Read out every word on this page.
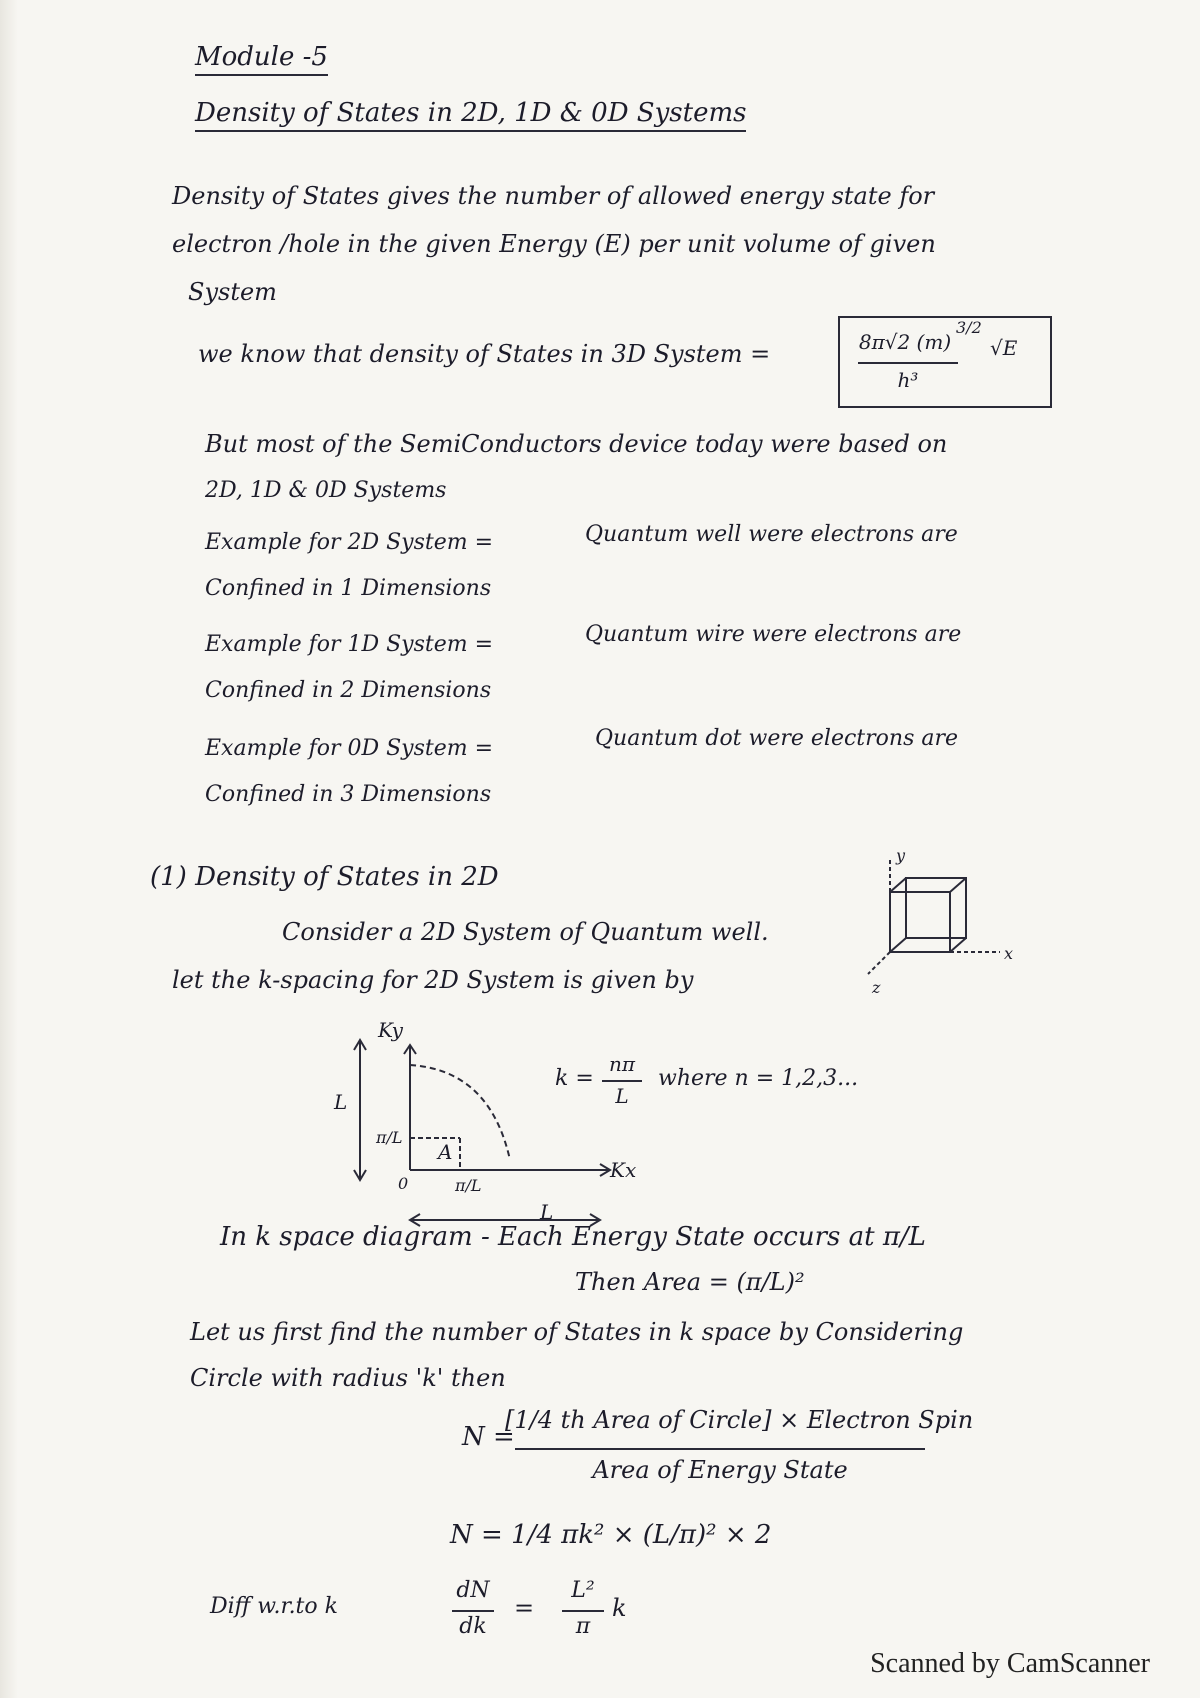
Module -5
Density of States in 2D, 1D & 0D Systems
Density of States gives the number of allowed energy state for
electron /hole in the given Energy (E) per unit volume of given
System
we know that density of States in 3D System =	8π√2 (m)
3/2
√E
h³
But most of the SemiConductors device today were based on
2D, 1D & 0D Systems
Example for 2D System =	Quantum well were electrons are
Confined in 1 Dimensions
Example for 1D System =	Quantum wire were electrons are
Confined in 2 Dimensions
Example for 0D System =	Quantum dot were electrons are
Confined in 3 Dimensions
(1) Density of States in 2D
y
x
z
Consider a 2D System of Quantum well.
let the k-spacing for 2D System is given by
Ky
Kx
L
L
π/L
π/L
A
0
k =
nπ
L
where n = 1,2,3...
In k space diagram - Each Energy State occurs at π/L
Then Area = (π/L)²
Let us first find the number of States in k space by Considering
Circle with radius 'k' then
N =
[1/4 th Area of Circle] × Electron Spin
Area of Energy State
N = 1/4 πk² × (L/π)² × 2
Diff w.r.to k
dN
dk
=
L²
π
k
Scanned by CamScanner
